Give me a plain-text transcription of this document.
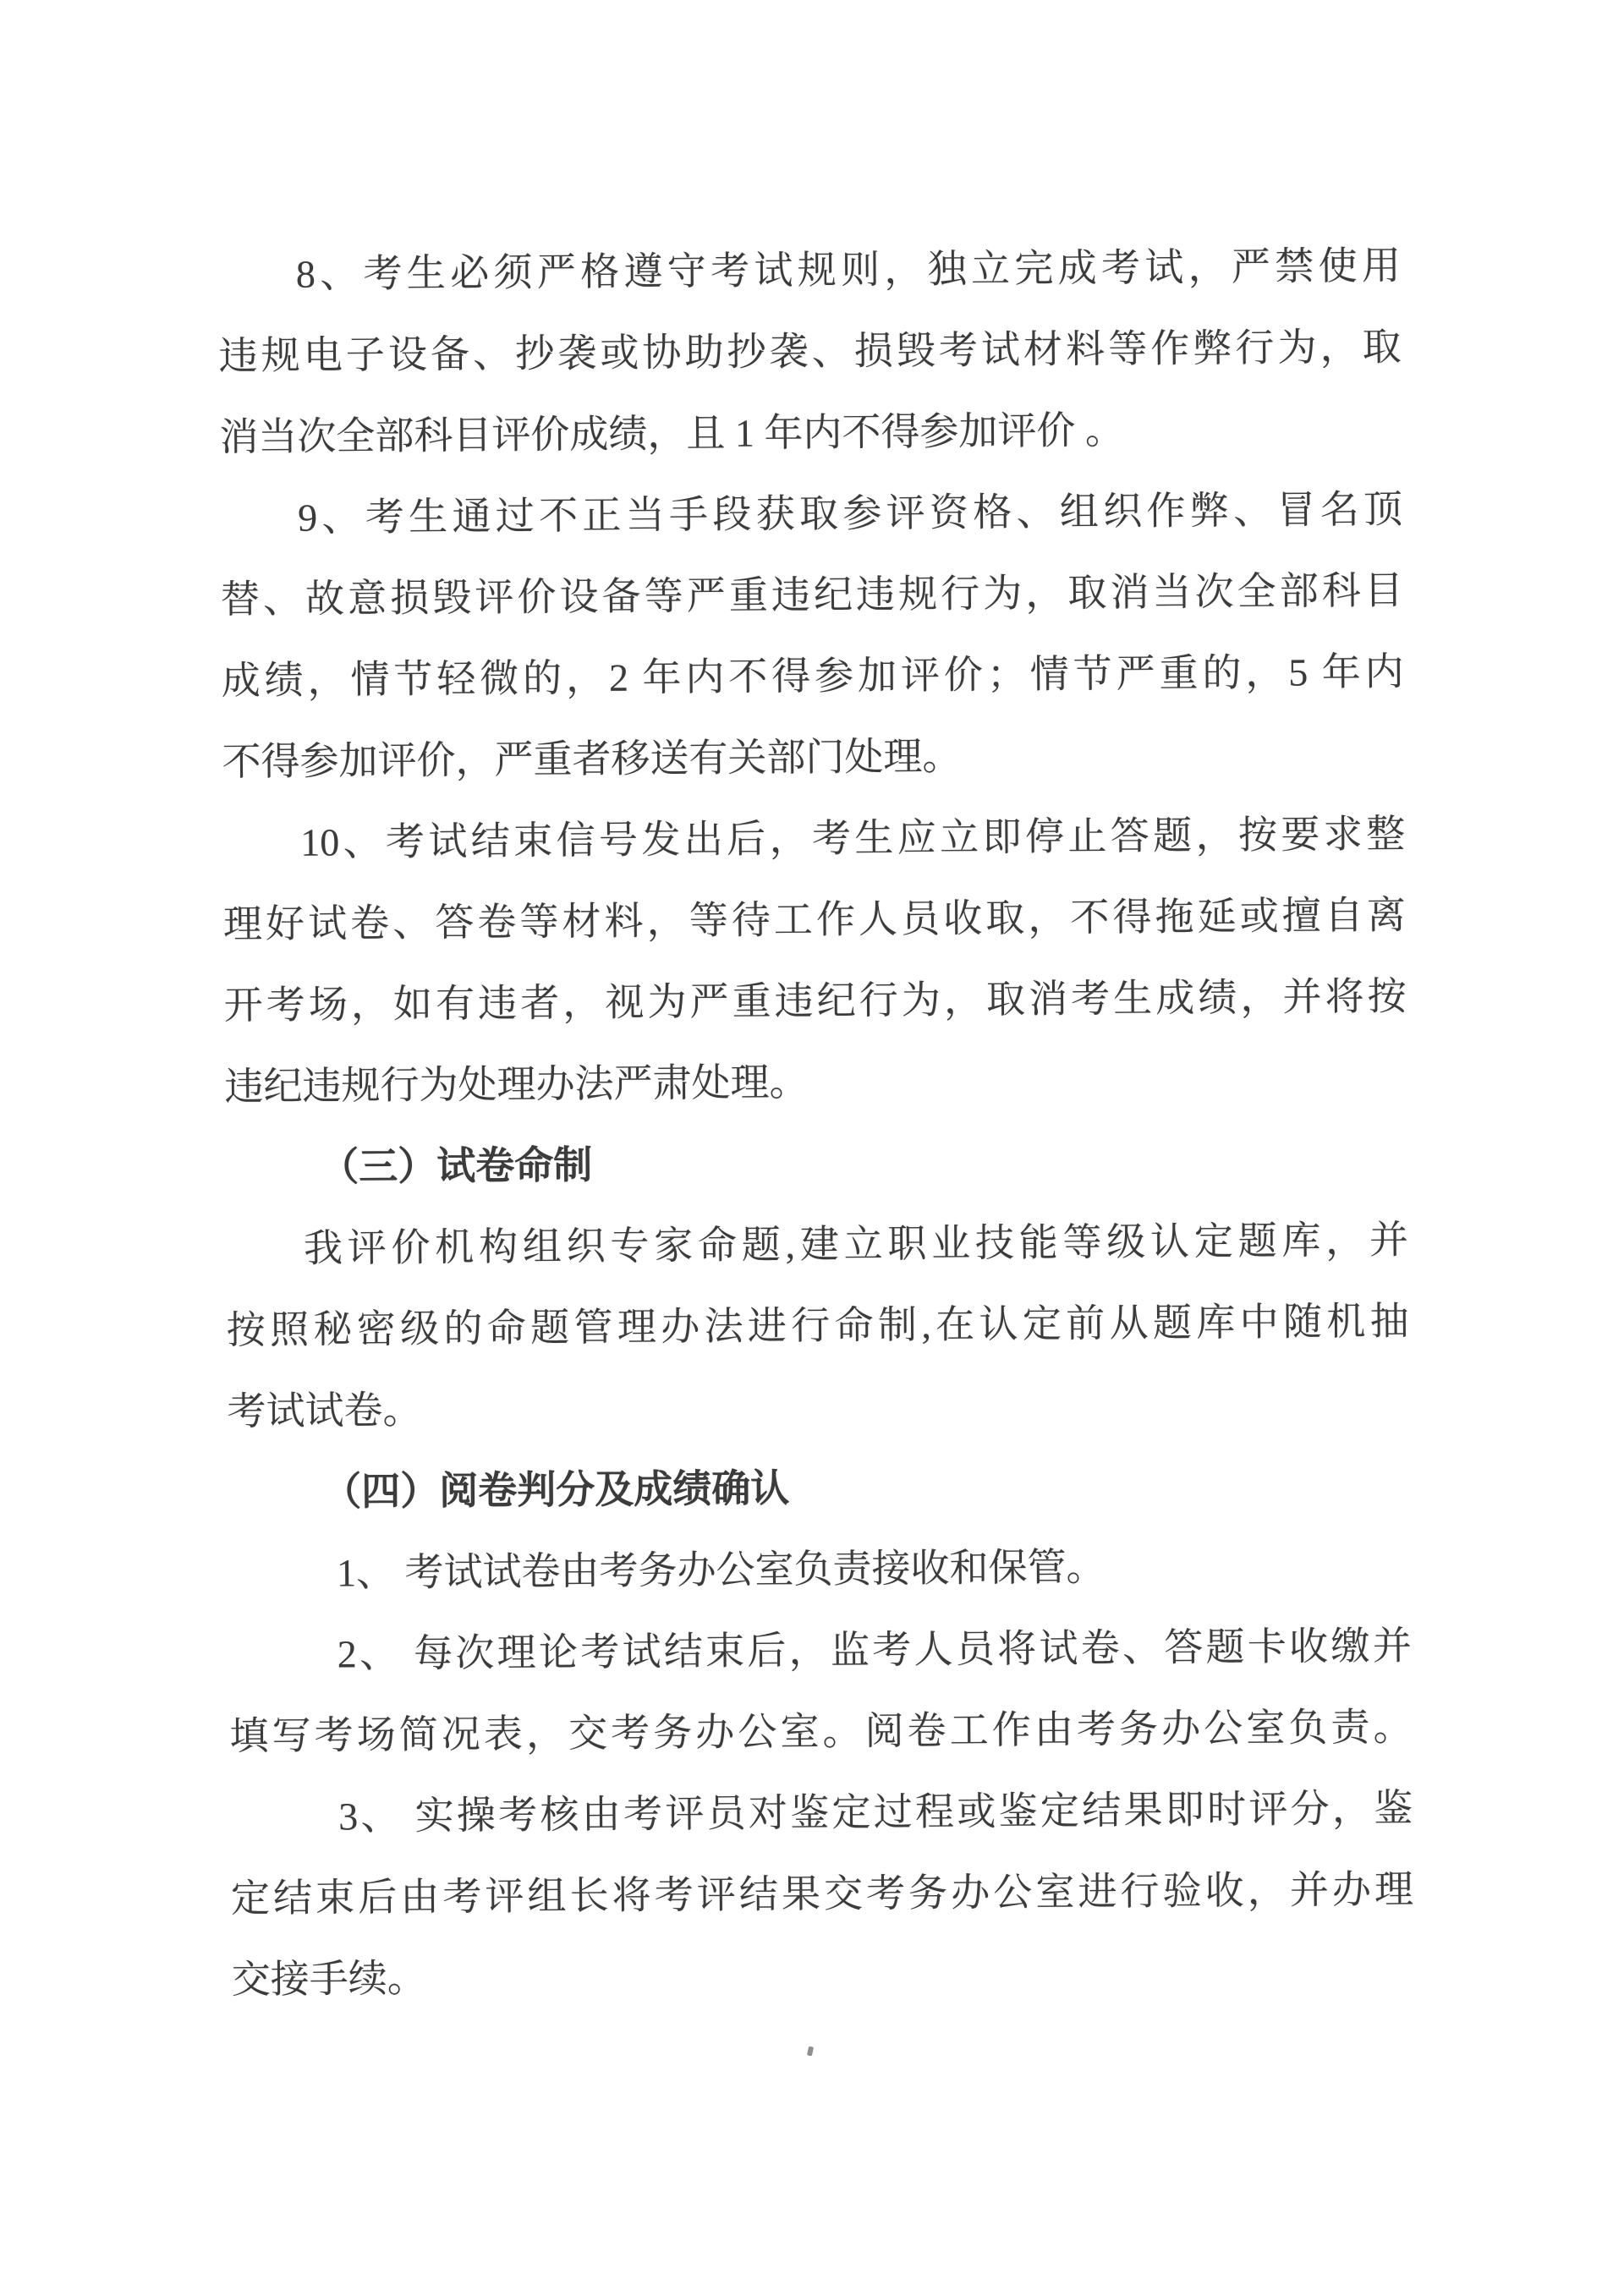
8、考生必须严格遵守考试规则，独立完成考试，严禁使用
违规电子设备、抄袭或协助抄袭、损毁考试材料等作弊行为，取
消当次全部科目评价成绩，且 1 年内不得参加评价 。
9、考生通过不正当手段获取参评资格、组织作弊、冒名顶
替、故意损毁评价设备等严重违纪违规行为，取消当次全部科目
成绩，情节轻微的，2 年内不得参加评价；情节严重的，5 年内
不得参加评价，严重者移送有关部门处理。
10、考试结束信号发出后，考生应立即停止答题，按要求整
理好试卷、答卷等材料，等待工作人员收取，不得拖延或擅自离
开考场，如有违者，视为严重违纪行为，取消考生成绩，并将按
违纪违规行为处理办法严肃处理。
（三）试卷命制
我评价机构组织专家命题,建立职业技能等级认定题库，并
按照秘密级的命题管理办法进行命制,在认定前从题库中随机抽
考试试卷。
（四）阅卷判分及成绩确认
1、 考试试卷由考务办公室负责接收和保管。
2、 每次理论考试结束后，监考人员将试卷、答题卡收缴并
填写考场简况表，交考务办公室。阅卷工作由考务办公室负责。
3、 实操考核由考评员对鉴定过程或鉴定结果即时评分，鉴
定结束后由考评组长将考评结果交考务办公室进行验收，并办理
交接手续。
